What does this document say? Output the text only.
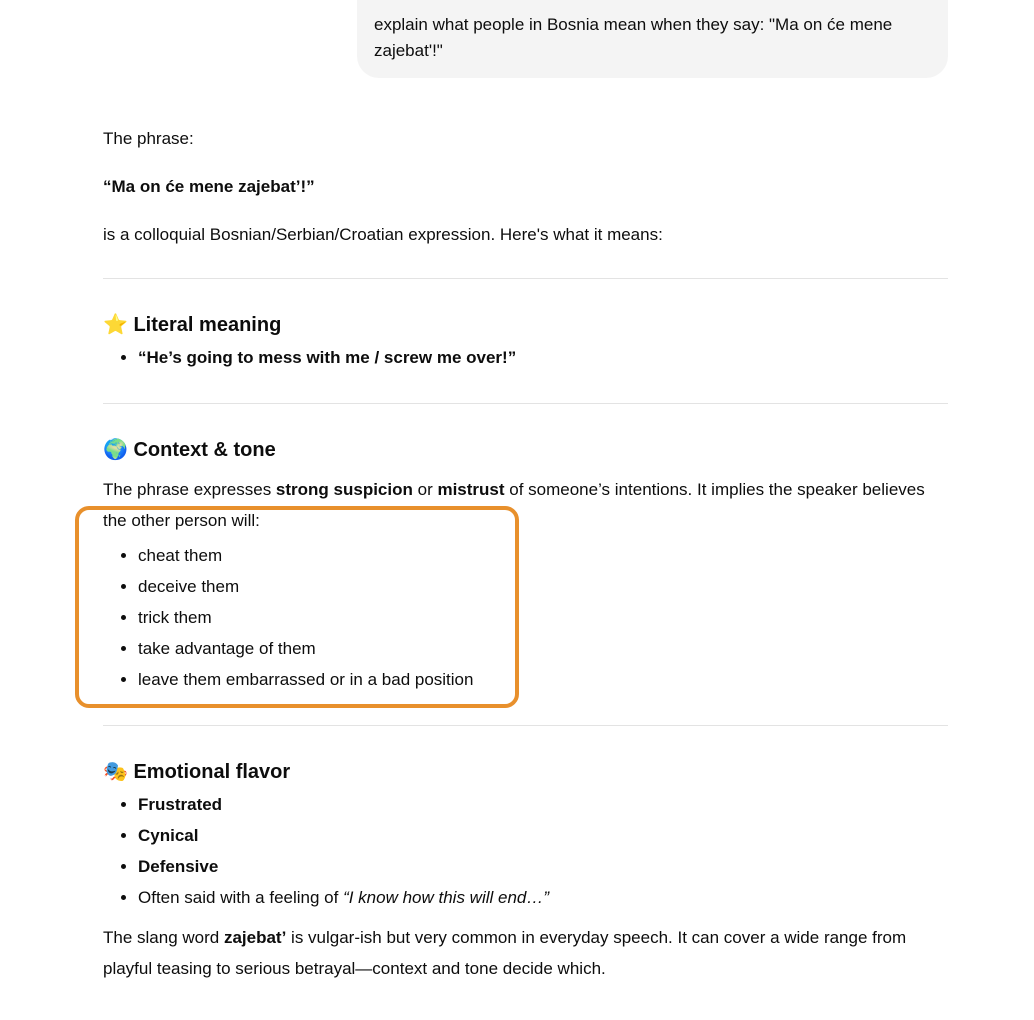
explain what people in Bosnia mean when they say: "Ma on će mene zajebat'!"

The phrase:

“Ma on će mene zajebat’!”

is a colloquial Bosnian/Serbian/Croatian expression. Here's what it means:

⭐ Literal meaning
• “He’s going to mess with me / screw me over!”
🌍 Context & tone

The phrase expresses strong suspicion or mistrust of someone’s intentions. It implies the speaker believes the other person will:

• cheat them
• deceive them
• trick them
• take advantage of them
• leave them embarrassed or in a bad position
🎭 Emotional flavor
• Frustrated
• Cynical
• Defensive
• Often said with a feeling of “I know how this will end…”

The slang word zajebat’ is vulgar-ish but very common in everyday speech. It can cover a wide range from playful teasing to serious betrayal—context and tone decide which.
